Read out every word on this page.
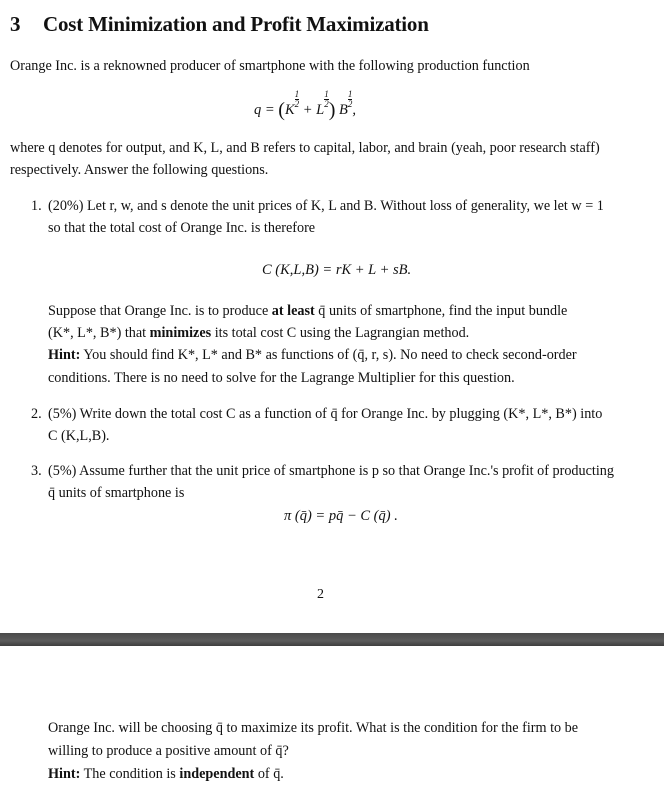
3 Cost Minimization and Profit Maximization
Orange Inc. is a reknowned producer of smartphone with the following production function
q = (K
$\frac{1}{2}$
+ L
$\frac{1}{2}$ ) B
$\frac{1}{2}$
,
where q denotes for output, and K, L, and B refers to capital, labor, and brain (yeah, poor research staff)
respectively. Answer the following questions.
1. (20%) Let r, w, and s denote the unit prices of K, L and B. Without loss of generality, we let w = 1
so that the total cost of Orange Inc. is therefore
C (K,L,B) = rK + L + sB.
Suppose that Orange Inc. is to produce at least q̄ units of smartphone, find the input bundle
(K*, L*, B*) that minimizes its total cost C using the Lagrangian method.
Hint: You should find K*, L* and B* as functions of (q̄, r, s). No need to check second-order
conditions. There is no need to solve for the Lagrange Multiplier for this question.
2. (5%) Write down the total cost C as a function of q̄ for Orange Inc. by plugging (K*, L*, B*) into
C (K,L,B).
3. (5%) Assume further that the unit price of smartphone is p so that Orange Inc.'s profit of producting
q̄ units of smartphone is
π (q̄) = pq̄ − C (q̄) .
2
Orange Inc. will be choosing q̄ to maximize its profit. What is the condition for the firm to be
willing to produce a positive amount of q̄?
Hint: The condition is independent of q̄.
